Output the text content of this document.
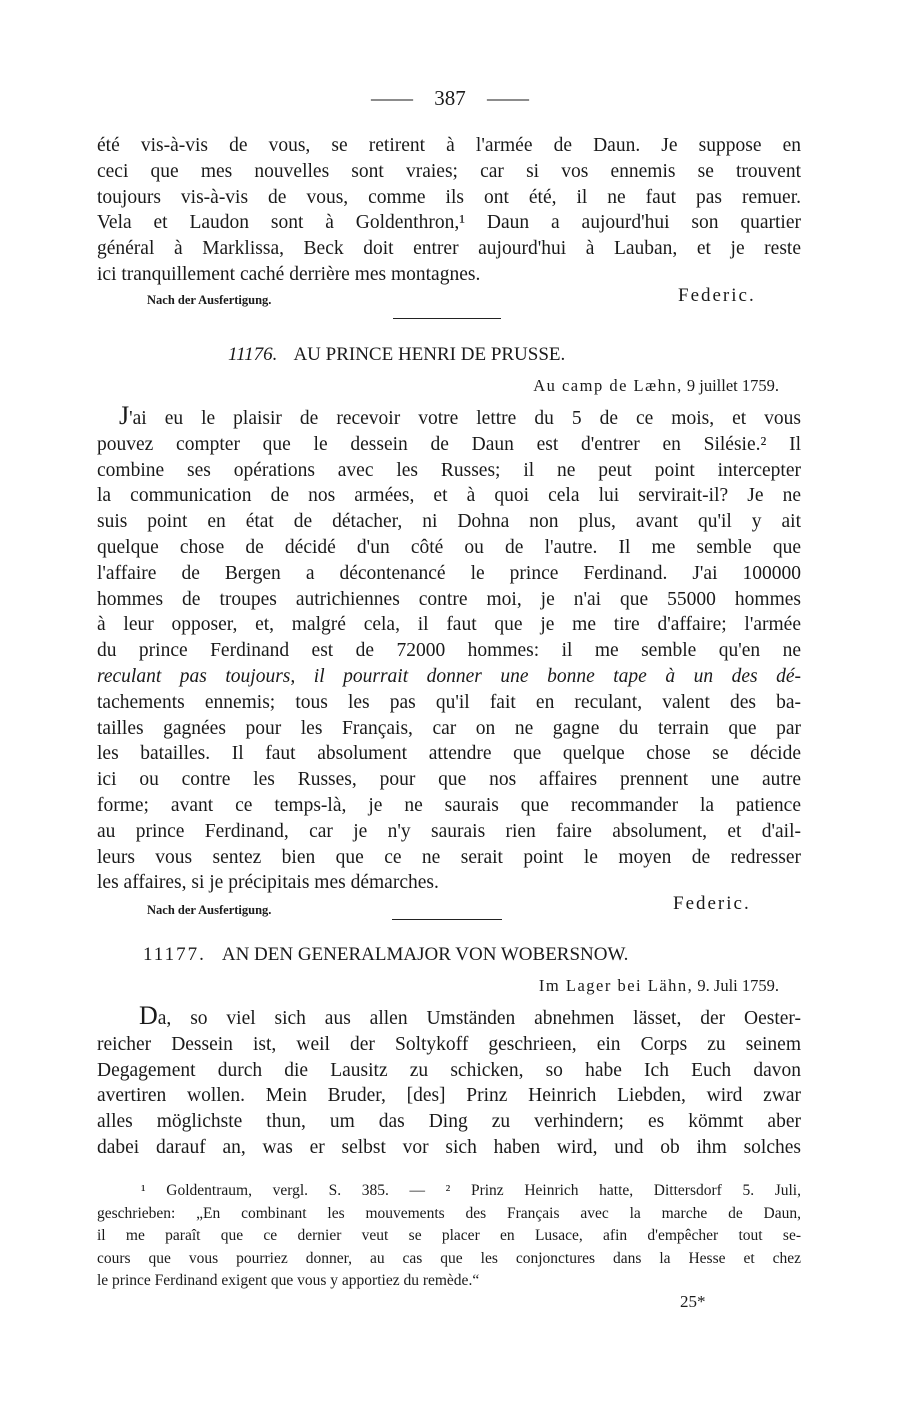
—— 387 ——
été vis-à-vis de vous, se retirent à l'armée de Daun. Je suppose en
ceci que mes nouvelles sont vraies; car si vos ennemis se trouvent
toujours vis-à-vis de vous, comme ils ont été, il ne faut pas remuer.
Vela et Laudon sont à Goldenthron,¹ Daun a aujourd'hui son quartier
général à Marklissa, Beck doit entrer aujourd'hui à Lauban, et je reste
ici tranquillement caché derrière mes montagnes.
Nach der Ausfertigung.	Federic.
11176. AU PRINCE HENRI DE PRUSSE.
Au camp de Læhn, 9 juillet 1759.
J'ai eu le plaisir de recevoir votre lettre du 5 de ce mois, et vous
pouvez compter que le dessein de Daun est d'entrer en Silésie.² Il
combine ses opérations avec les Russes; il ne peut point intercepter
la communication de nos armées, et à quoi cela lui servirait-il? Je ne
suis point en état de détacher, ni Dohna non plus, avant qu'il y ait
quelque chose de décidé d'un côté ou de l'autre. Il me semble que
l'affaire de Bergen a décontenancé le prince Ferdinand. J'ai 100000
hommes de troupes autrichiennes contre moi, je n'ai que 55000 hommes
à leur opposer, et, malgré cela, il faut que je me tire d'affaire; l'armée
du prince Ferdinand est de 72000 hommes: il me semble qu'en ne
reculant pas toujours, il pourrait donner une bonne tape à un des dé-
tachements ennemis; tous les pas qu'il fait en reculant, valent des ba-
tailles gagnées pour les Français, car on ne gagne du terrain que par
les batailles. Il faut absolument attendre que quelque chose se décide
ici ou contre les Russes, pour que nos affaires prennent une autre
forme; avant ce temps-là, je ne saurais que recommander la patience
au prince Ferdinand, car je n'y saurais rien faire absolument, et d'ail-
leurs vous sentez bien que ce ne serait point le moyen de redresser
les affaires, si je précipitais mes démarches.
Nach der Ausfertigung.	Federic.
11177. AN DEN GENERALMAJOR VON WOBERSNOW.
Im Lager bei Lähn, 9. Juli 1759.
Da, so viel sich aus allen Umständen abnehmen lässet, der Oester-
reicher Dessein ist, weil der Soltykoff geschrieen, ein Corps zu seinem
Degagement durch die Lausitz zu schicken, so habe Ich Euch davon
avertiren wollen. Mein Bruder, [des] Prinz Heinrich Liebden, wird zwar
alles möglichste thun, um das Ding zu verhindern; es kömmt aber
dabei darauf an, was er selbst vor sich haben wird, und ob ihm solches
¹ Goldentraum, vergl. S. 385. — ² Prinz Heinrich hatte, Dittersdorf 5. Juli,
geschrieben: „En combinant les mouvements des Français avec la marche de Daun,
il me paraît que ce dernier veut se placer en Lusace, afin d'empêcher tout se-
cours que vous pourriez donner, au cas que les conjonctures dans la Hesse et chez
le prince Ferdinand exigent que vous y apportiez du remède.“
25*
